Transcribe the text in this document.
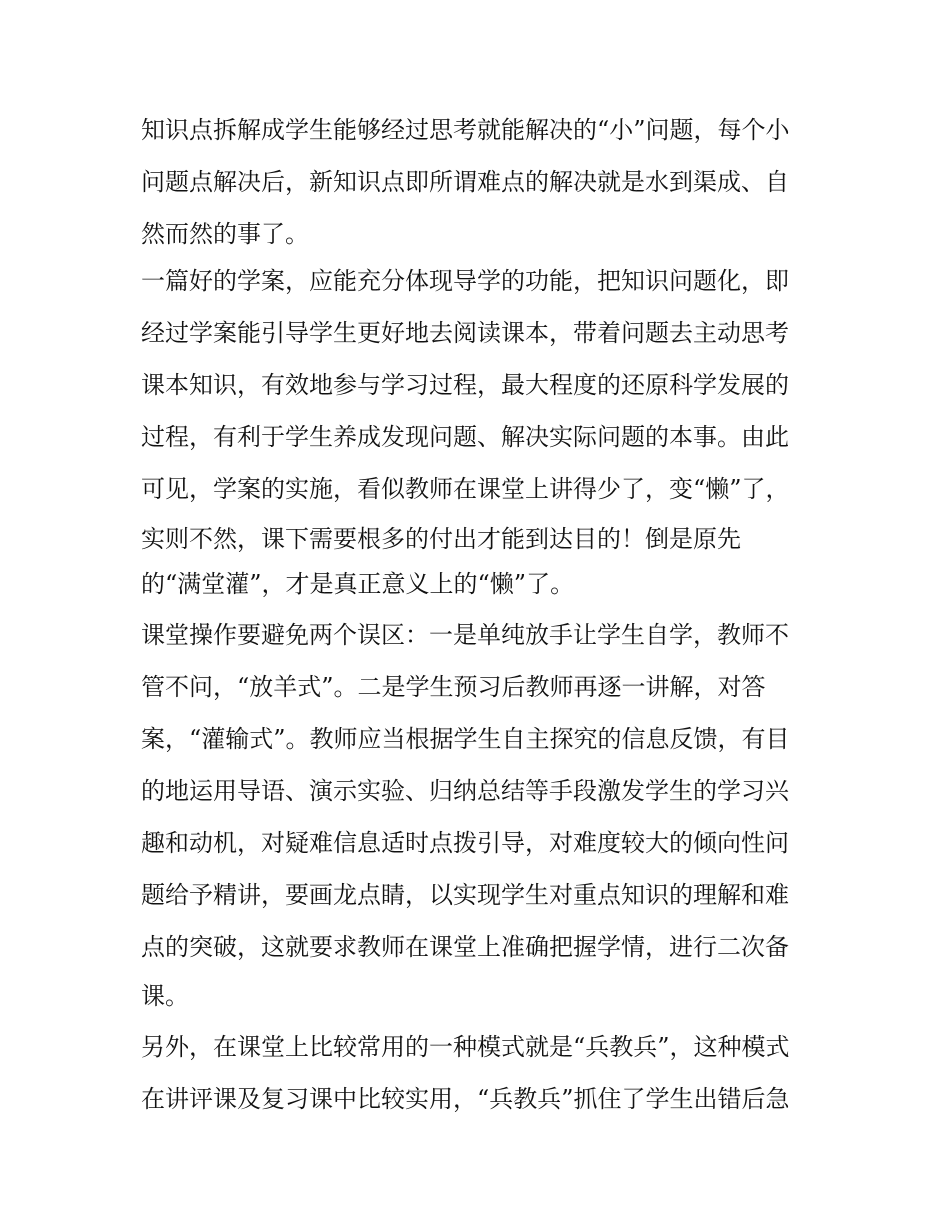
知识点拆解成学生能够经过思考就能解决的“小”问题，每个小
问题点解决后，新知识点即所谓难点的解决就是水到渠成、自
然而然的事了。
一篇好的学案，应能充分体现导学的功能，把知识问题化，即
经过学案能引导学生更好地去阅读课本，带着问题去主动思考
课本知识，有效地参与学习过程，最大程度的还原科学发展的
过程，有利于学生养成发现问题、解决实际问题的本事。由此
可见，学案的实施，看似教师在课堂上讲得少了，变“懒”了，
实则不然，课下需要根多的付出才能到达目的！倒是原先
的“满堂灌”，才是真正意义上的“懒”了。
课堂操作要避免两个误区：一是单纯放手让学生自学，教师不
管不问，“放羊式”。二是学生预习后教师再逐一讲解，对答
案，“灌输式”。教师应当根据学生自主探究的信息反馈，有目
的地运用导语、演示实验、归纳总结等手段激发学生的学习兴
趣和动机，对疑难信息适时点拨引导，对难度较大的倾向性问
题给予精讲，要画龙点睛，以实现学生对重点知识的理解和难
点的突破，这就要求教师在课堂上准确把握学情，进行二次备
课。
另外，在课堂上比较常用的一种模式就是“兵教兵”，这种模式
在讲评课及复习课中比较实用，“兵教兵”抓住了学生出错后急
